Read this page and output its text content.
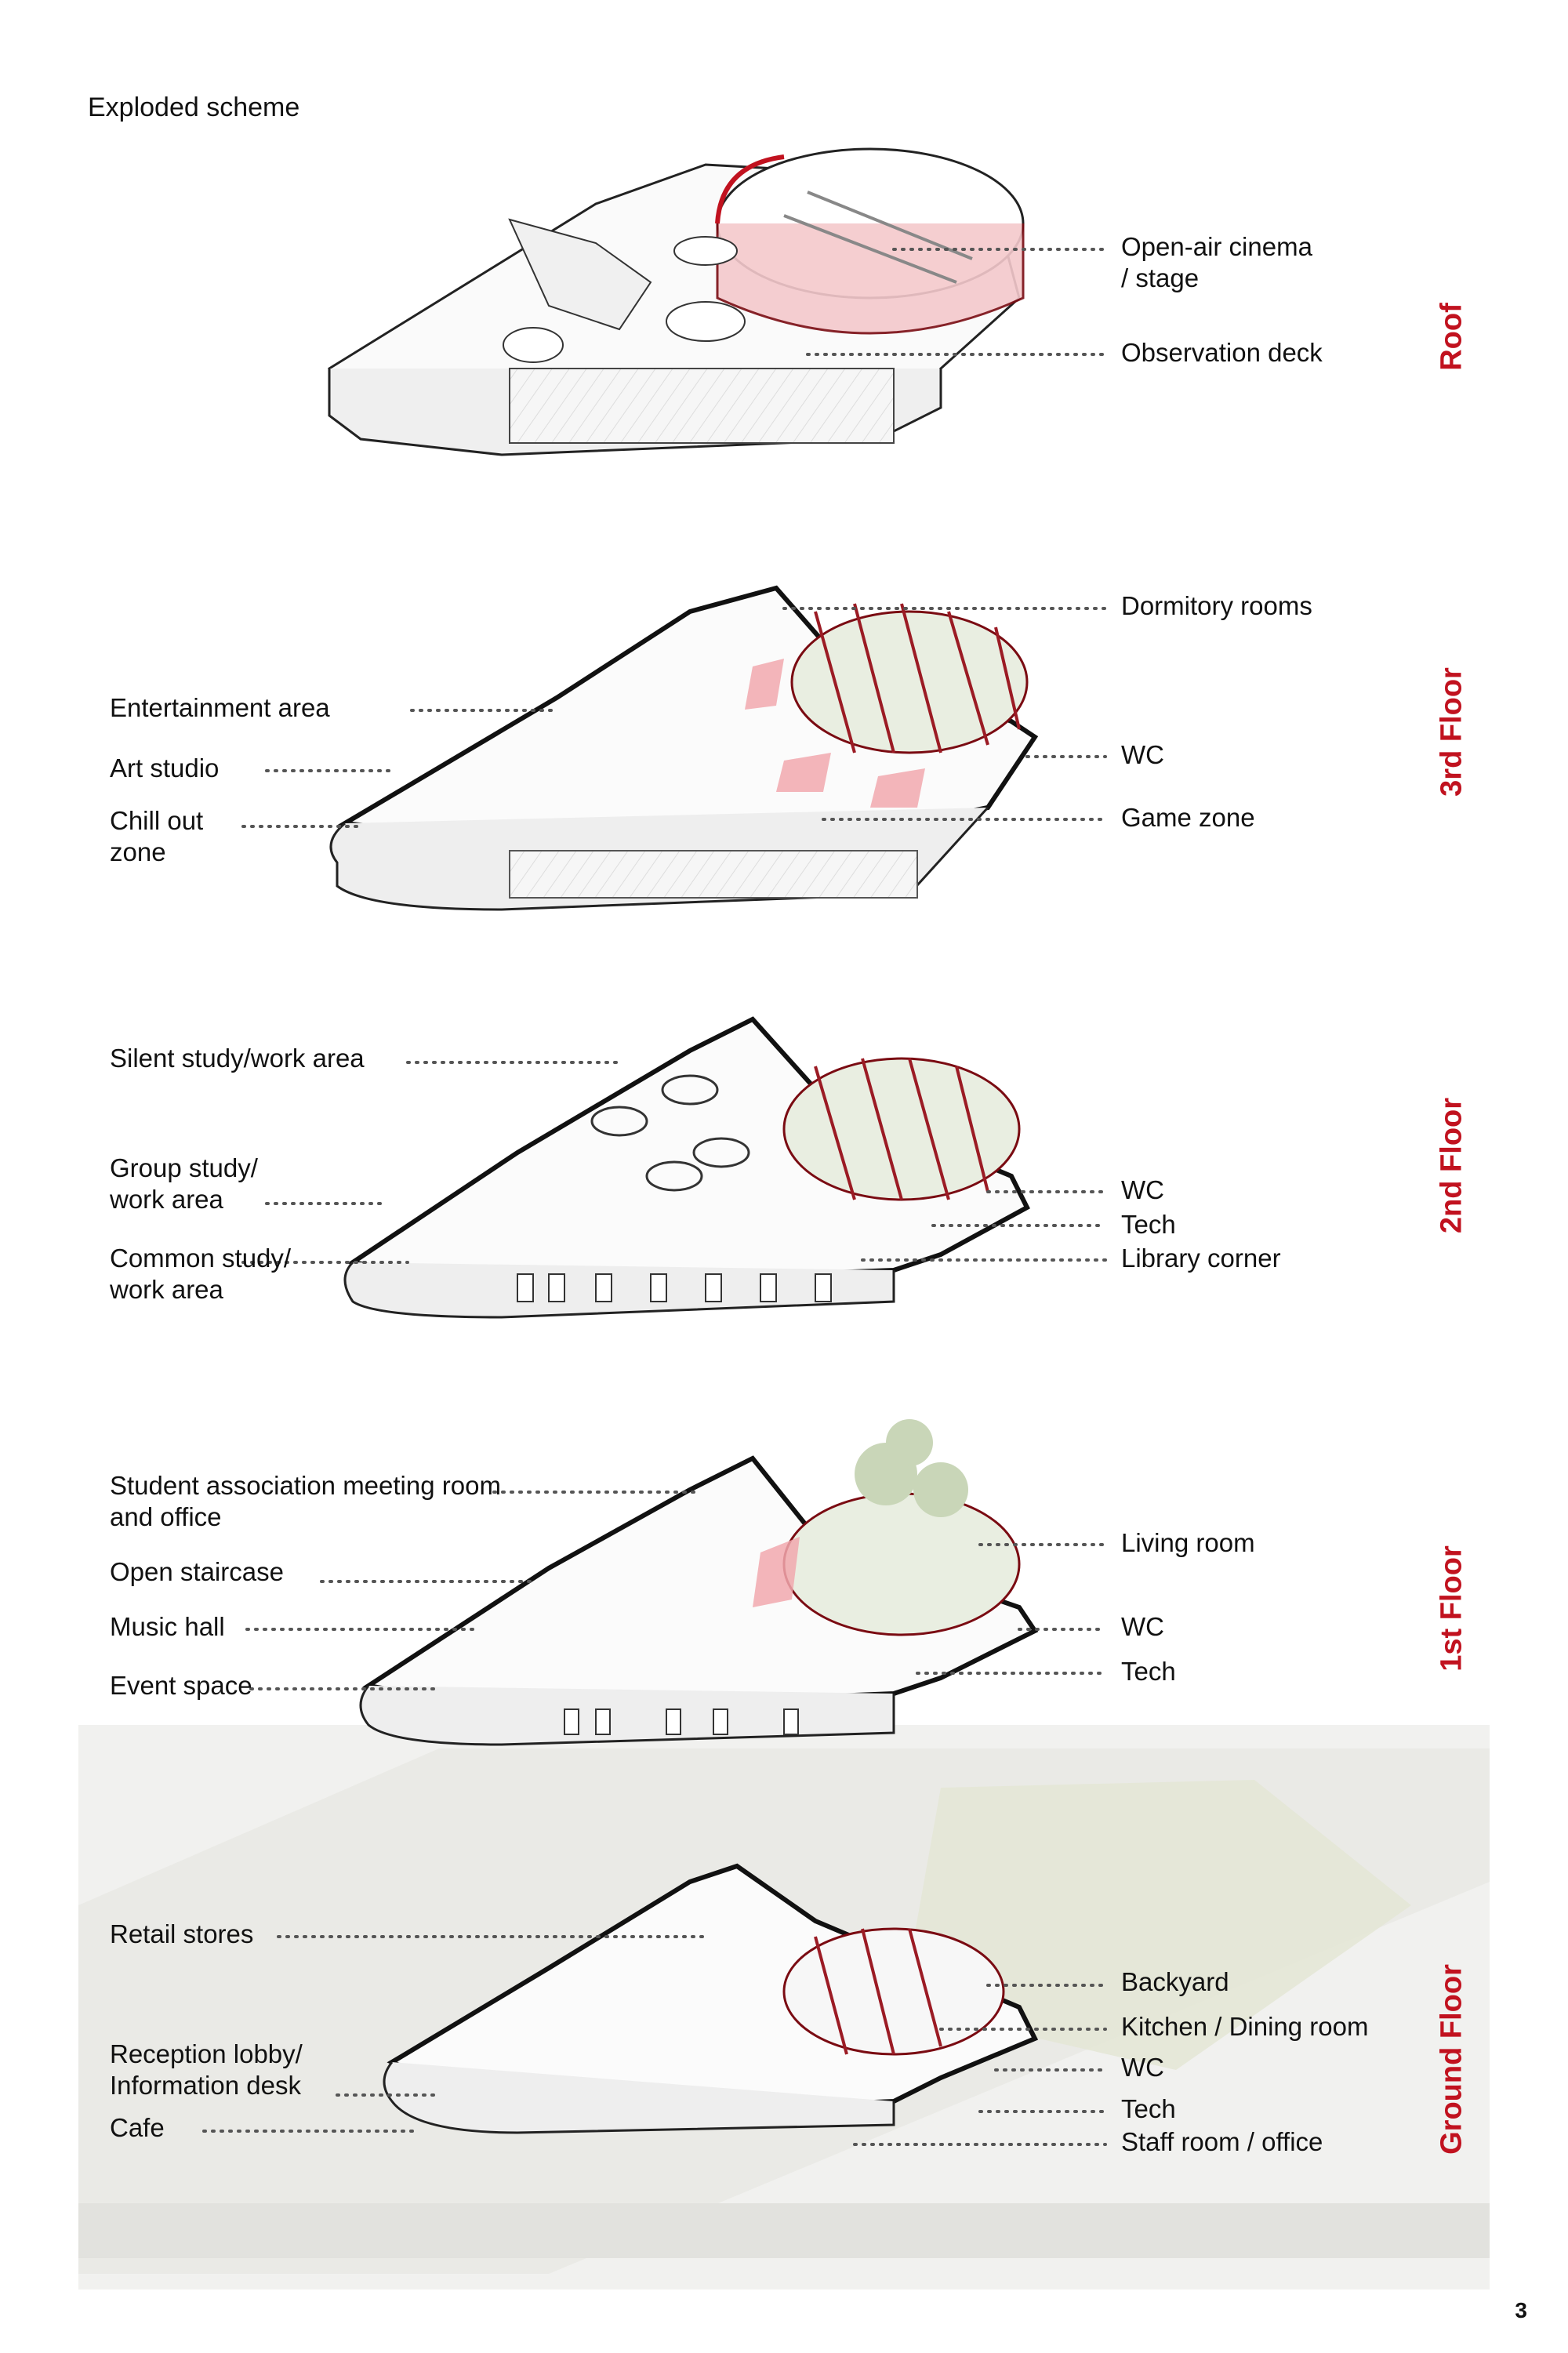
Exploded scheme
Open-air cinema
/ stage
Observation deck	Roof
Dormitory rooms
WC
Game zone
Entertainment area
Art studio
Chill out
zone
3rd Floor
Silent study/work area
Group study/
work area
Common study/
work area
WC
Tech
Library corner
2nd Floor
Student association meeting room
and office
Open staircase
Music hall
Event space
Living room
WC
Tech	1st Floor
Retail stores
Reception lobby/
Information desk
Cafe
Backyard
Kitchen / Dining room
WC
Tech
Staff room / office	Ground Floor
3
